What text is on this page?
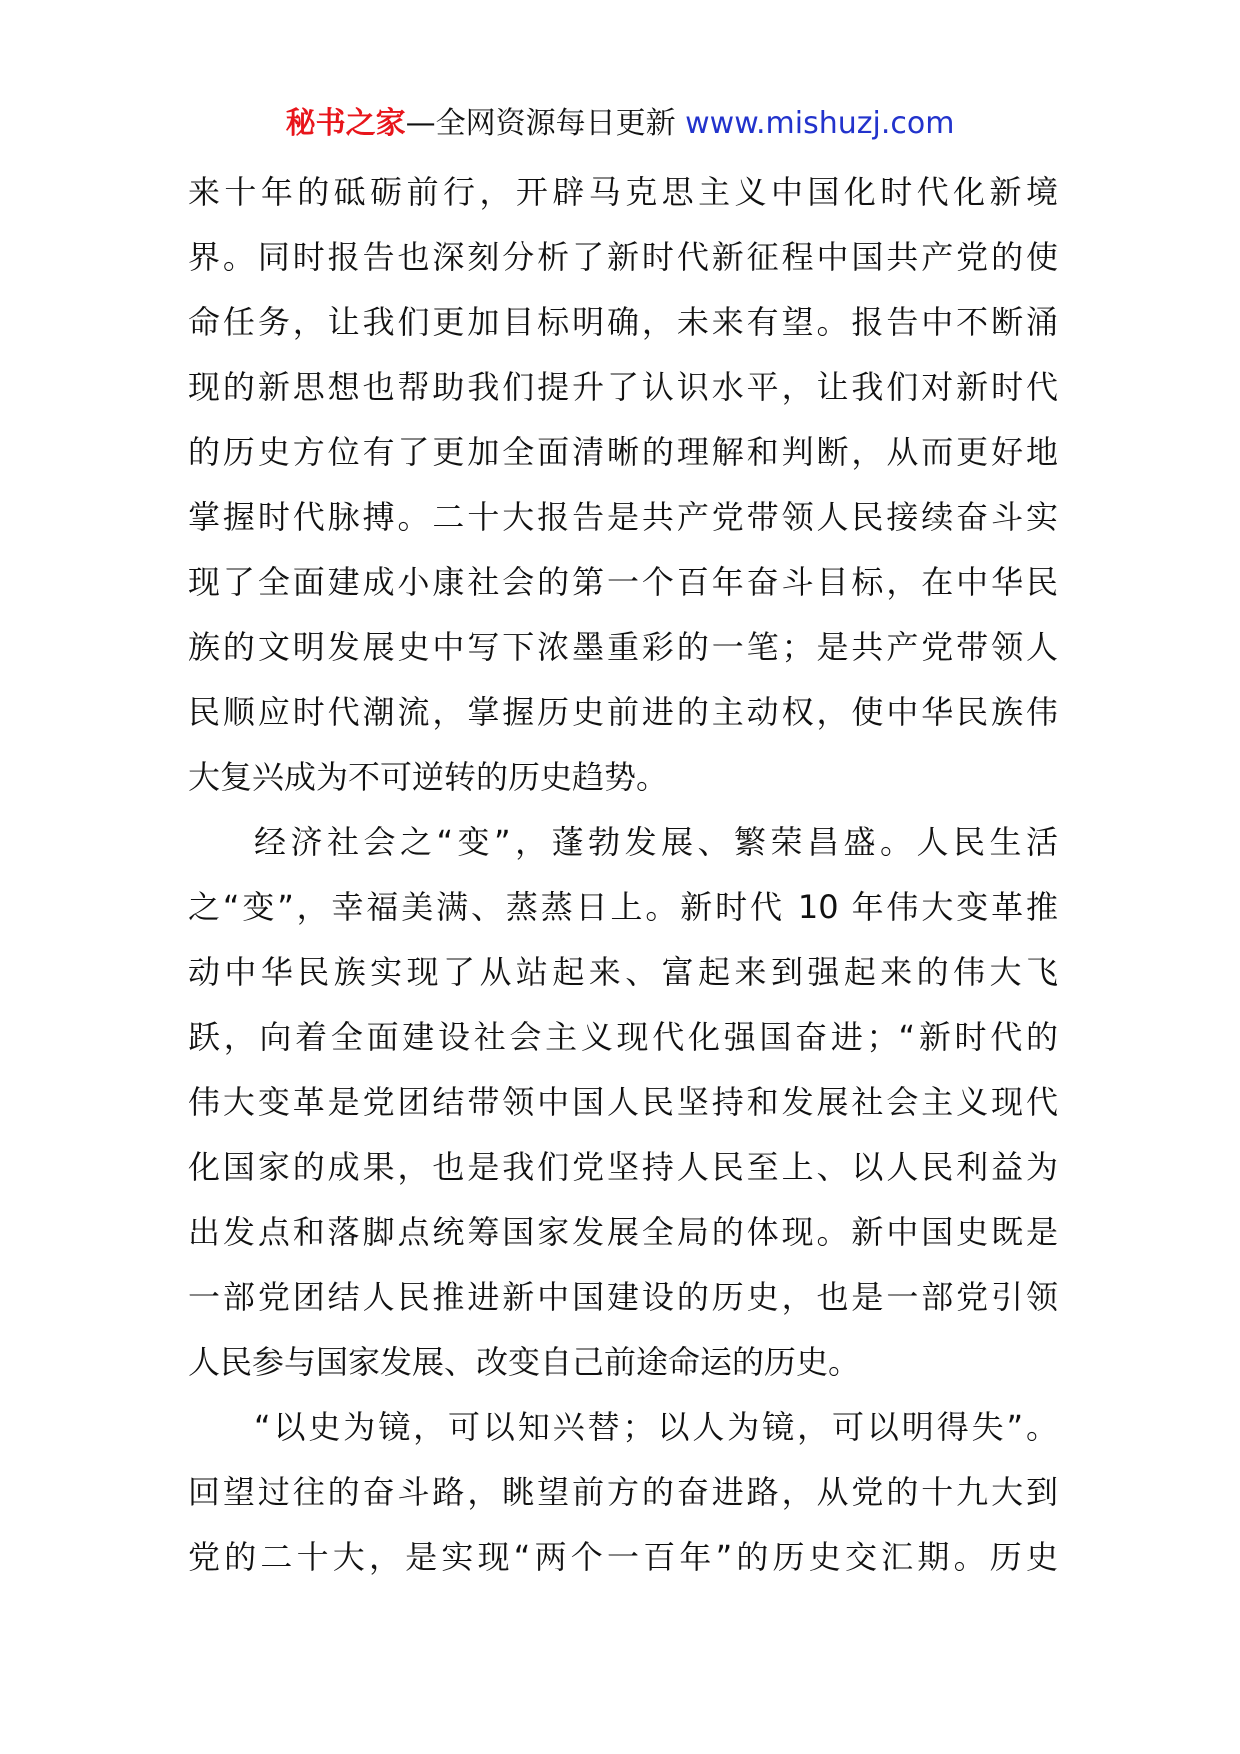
秘书之家—全网资源每日更新 www.mishuzj.com
来十年的砥砺前行，开辟马克思主义中国化时代化新境
界。同时报告也深刻分析了新时代新征程中国共产党的使
命任务，让我们更加目标明确，未来有望。报告中不断涌
现的新思想也帮助我们提升了认识水平，让我们对新时代
的历史方位有了更加全面清晰的理解和判断，从而更好地
掌握时代脉搏。二十大报告是共产党带领人民接续奋斗实
现了全面建成小康社会的第一个百年奋斗目标，在中华民
族的文明发展史中写下浓墨重彩的一笔；是共产党带领人
民顺应时代潮流，掌握历史前进的主动权，使中华民族伟
大复兴成为不可逆转的历史趋势。
经济社会之“变”，蓬勃发展、繁荣昌盛。人民生活
之“变”，幸福美满、蒸蒸日上。新时代 10 年伟大变革推
动中华民族实现了从站起来、富起来到强起来的伟大飞
跃，向着全面建设社会主义现代化强国奋进；“新时代的
伟大变革是党团结带领中国人民坚持和发展社会主义现代
化国家的成果，也是我们党坚持人民至上、以人民利益为
出发点和落脚点统筹国家发展全局的体现。新中国史既是
一部党团结人民推进新中国建设的历史，也是一部党引领
人民参与国家发展、改变自己前途命运的历史。
“以史为镜，可以知兴替；以人为镜，可以明得失”。
回望过往的奋斗路，眺望前方的奋进路，从党的十九大到
党的二十大，是实现“两个一百年”的历史交汇期。历史
